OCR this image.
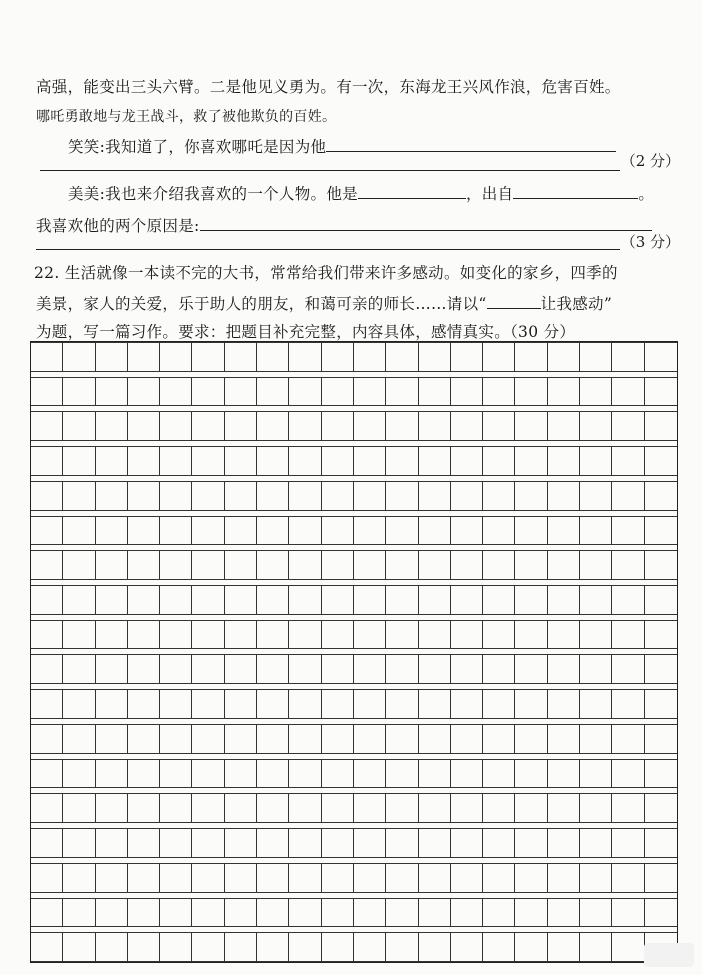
高强，能变出三头六臂。二是他见义勇为。有一次，东海龙王兴风作浪，危害百姓。
哪吒勇敢地与龙王战斗，救了被他欺负的百姓。
笑笑:我知道了，你喜欢哪吒是因为他
（2 分）
美美:我也来介绍我喜欢的一个人物。他是	，出自	。
我喜欢他的两个原因是:
（3 分）
22. 生活就像一本读不完的大书，常常给我们带来许多感动。如变化的家乡，四季的
美景，家人的关爱，乐于助人的朋友，和蔼可亲的师长……请以“	让我感动”
为题，写一篇习作。要求：把题目补充完整，内容具体，感情真实。（30 分）
